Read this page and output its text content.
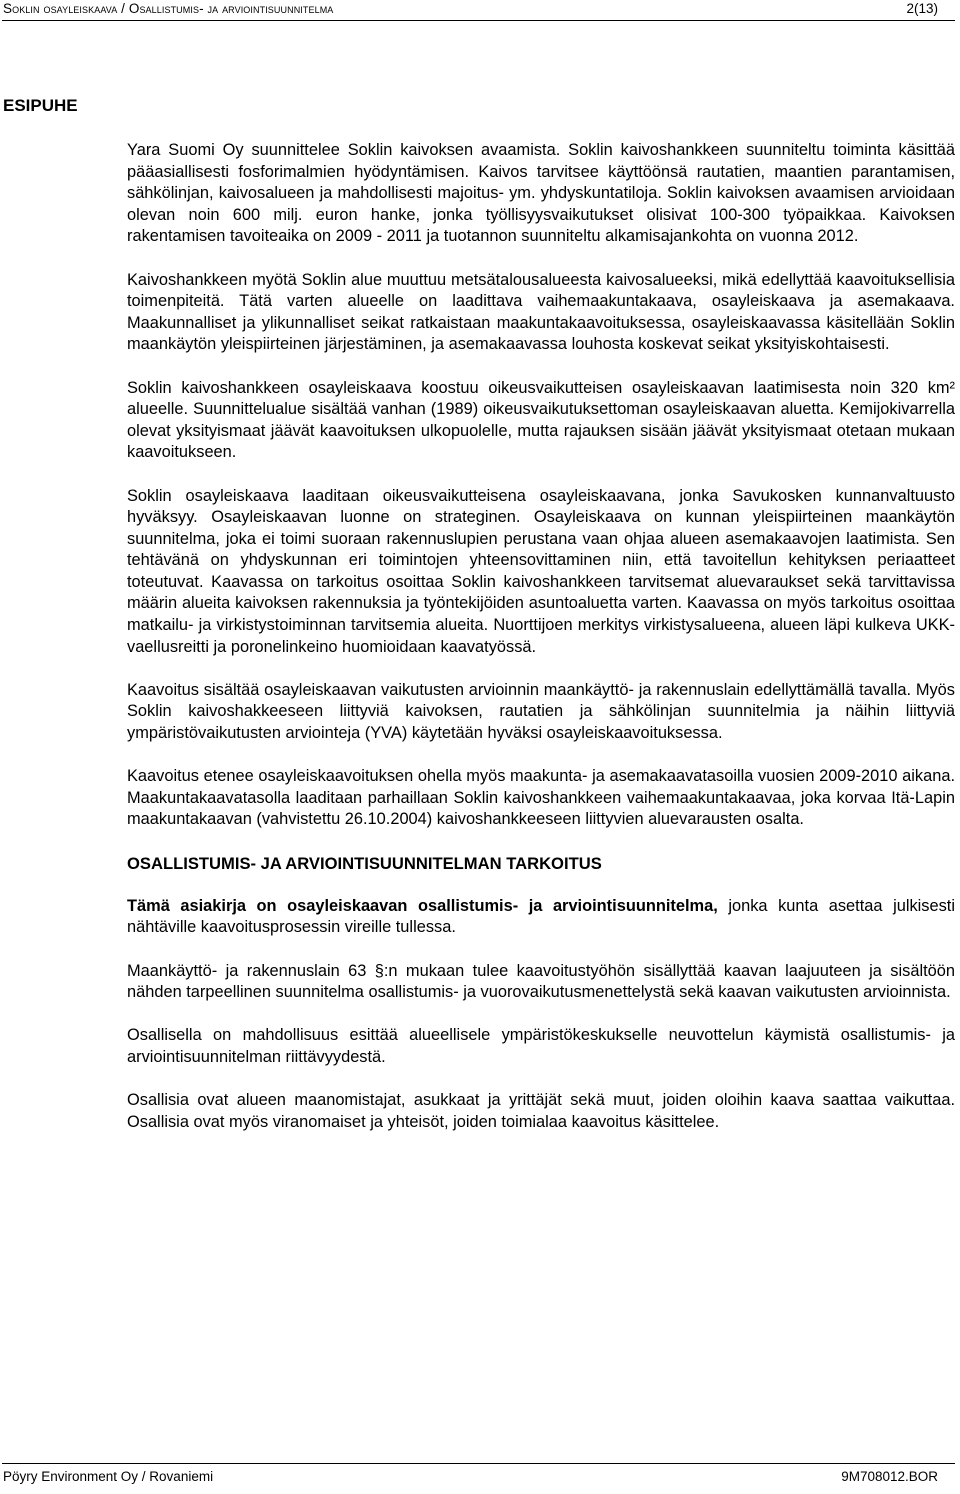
Soklin osayleiskaava / Osallistumis- ja arviointisuunnitelma	2(13)
ESIPUHE

Yara Suomi Oy suunnittelee Soklin kaivoksen avaamista. Soklin kaivoshankkeen suunniteltu toiminta käsittää pääasiallisesti fosforimalmien hyödyntämisen. Kaivos tarvitsee käyttöönsä rautatien, maantien parantamisen, sähkölinjan, kaivosalueen ja mahdollisesti majoitus- ym. yhdyskuntatiloja. Soklin kaivoksen avaamisen arvioidaan olevan noin 600 milj. euron hanke, jonka työllisyysvaikutukset olisivat 100-300 työpaikkaa. Kaivoksen rakentamisen tavoiteaika on 2009 - 2011 ja tuotannon suunniteltu alkamisajankohta on vuonna 2012.

Kaivoshankkeen myötä Soklin alue muuttuu metsätalousalueesta kaivosalueeksi, mikä edellyttää kaavoituksellisia toimenpiteitä. Tätä varten alueelle on laadittava vaihemaakuntakaava, osayleiskaava ja asemakaava. Maakunnalliset ja ylikunnalliset seikat ratkaistaan maakuntakaavoituksessa, osayleiskaavassa käsitellään Soklin maankäytön yleispiirteinen järjestäminen, ja asemakaavassa louhosta koskevat seikat yksityiskohtaisesti.

Soklin kaivoshankkeen osayleiskaava koostuu oikeusvaikutteisen osayleiskaavan laatimisesta noin 320 km² alueelle. Suunnittelualue sisältää vanhan (1989) oikeusvaikutuksettoman osayleiskaavan aluetta. Kemijokivarrella olevat yksityismaat jäävät kaavoituksen ulkopuolelle, mutta rajauksen sisään jäävät yksityismaat otetaan mukaan kaavoitukseen.

Soklin osayleiskaava laaditaan oikeusvaikutteisena osayleiskaavana, jonka Savukosken kunnanvaltuusto hyväksyy. Osayleiskaavan luonne on strateginen. Osayleiskaava on kunnan yleispiirteinen maankäytön suunnitelma, joka ei toimi suoraan rakennuslupien perustana vaan ohjaa alueen asemakaavojen laatimista. Sen tehtävänä on yhdyskunnan eri toimintojen yhteensovittaminen niin, että tavoitellun kehityksen periaatteet toteutuvat. Kaavassa on tarkoitus osoittaa Soklin kaivoshankkeen tarvitsemat aluevaraukset sekä tarvittavissa määrin alueita kaivoksen rakennuksia ja työntekijöiden asuntoaluetta varten. Kaavassa on myös tarkoitus osoittaa matkailu- ja virkistystoiminnan tarvitsemia alueita. Nuorttijoen merkitys virkistysalueena, alueen läpi kulkeva UKK-vaellusreitti ja poronelinkeino huomioidaan kaavatyössä.

Kaavoitus sisältää osayleiskaavan vaikutusten arvioinnin maankäyttö- ja rakennuslain edellyttämällä tavalla. Myös Soklin kaivoshakkeeseen liittyviä kaivoksen, rautatien ja sähkölinjan suunnitelmia ja näihin liittyviä ympäristövaikutusten arviointeja (YVA) käytetään hyväksi osayleiskaavoituksessa.

Kaavoitus etenee osayleiskaavoituksen ohella myös maakunta- ja asemakaavatasoilla vuosien 2009-2010 aikana. Maakuntakaavatasolla laaditaan parhaillaan Soklin kaivoshankkeen vaihemaakuntakaavaa, joka korvaa Itä-Lapin maakuntakaavan (vahvistettu 26.10.2004) kaivoshankkeeseen liittyvien aluevarausten osalta.

OSALLISTUMIS- JA ARVIOINTISUUNNITELMAN TARKOITUS

Tämä asiakirja on osayleiskaavan osallistumis- ja arviointisuunnitelma, jonka kunta asettaa julkisesti nähtäville kaavoitusprosessin vireille tullessa.

Maankäyttö- ja rakennuslain 63 §:n mukaan tulee kaavoitustyöhön sisällyttää kaavan laajuuteen ja sisältöön nähden tarpeellinen suunnitelma osallistumis- ja vuorovaikutusmenettelystä sekä kaavan vaikutusten arvioinnista.

Osallisella on mahdollisuus esittää alueellisele ympäristökeskukselle neuvottelun käymistä osallistumis- ja arviointisuunnitelman riittävyydestä.

Osallisia ovat alueen maanomistajat, asukkaat ja yrittäjät sekä muut, joiden oloihin kaava saattaa vaikuttaa. Osallisia ovat myös viranomaiset ja yhteisöt, joiden toimialaa kaavoitus käsittelee.

Pöyry Environment Oy / Rovaniemi	9M708012.BOR
